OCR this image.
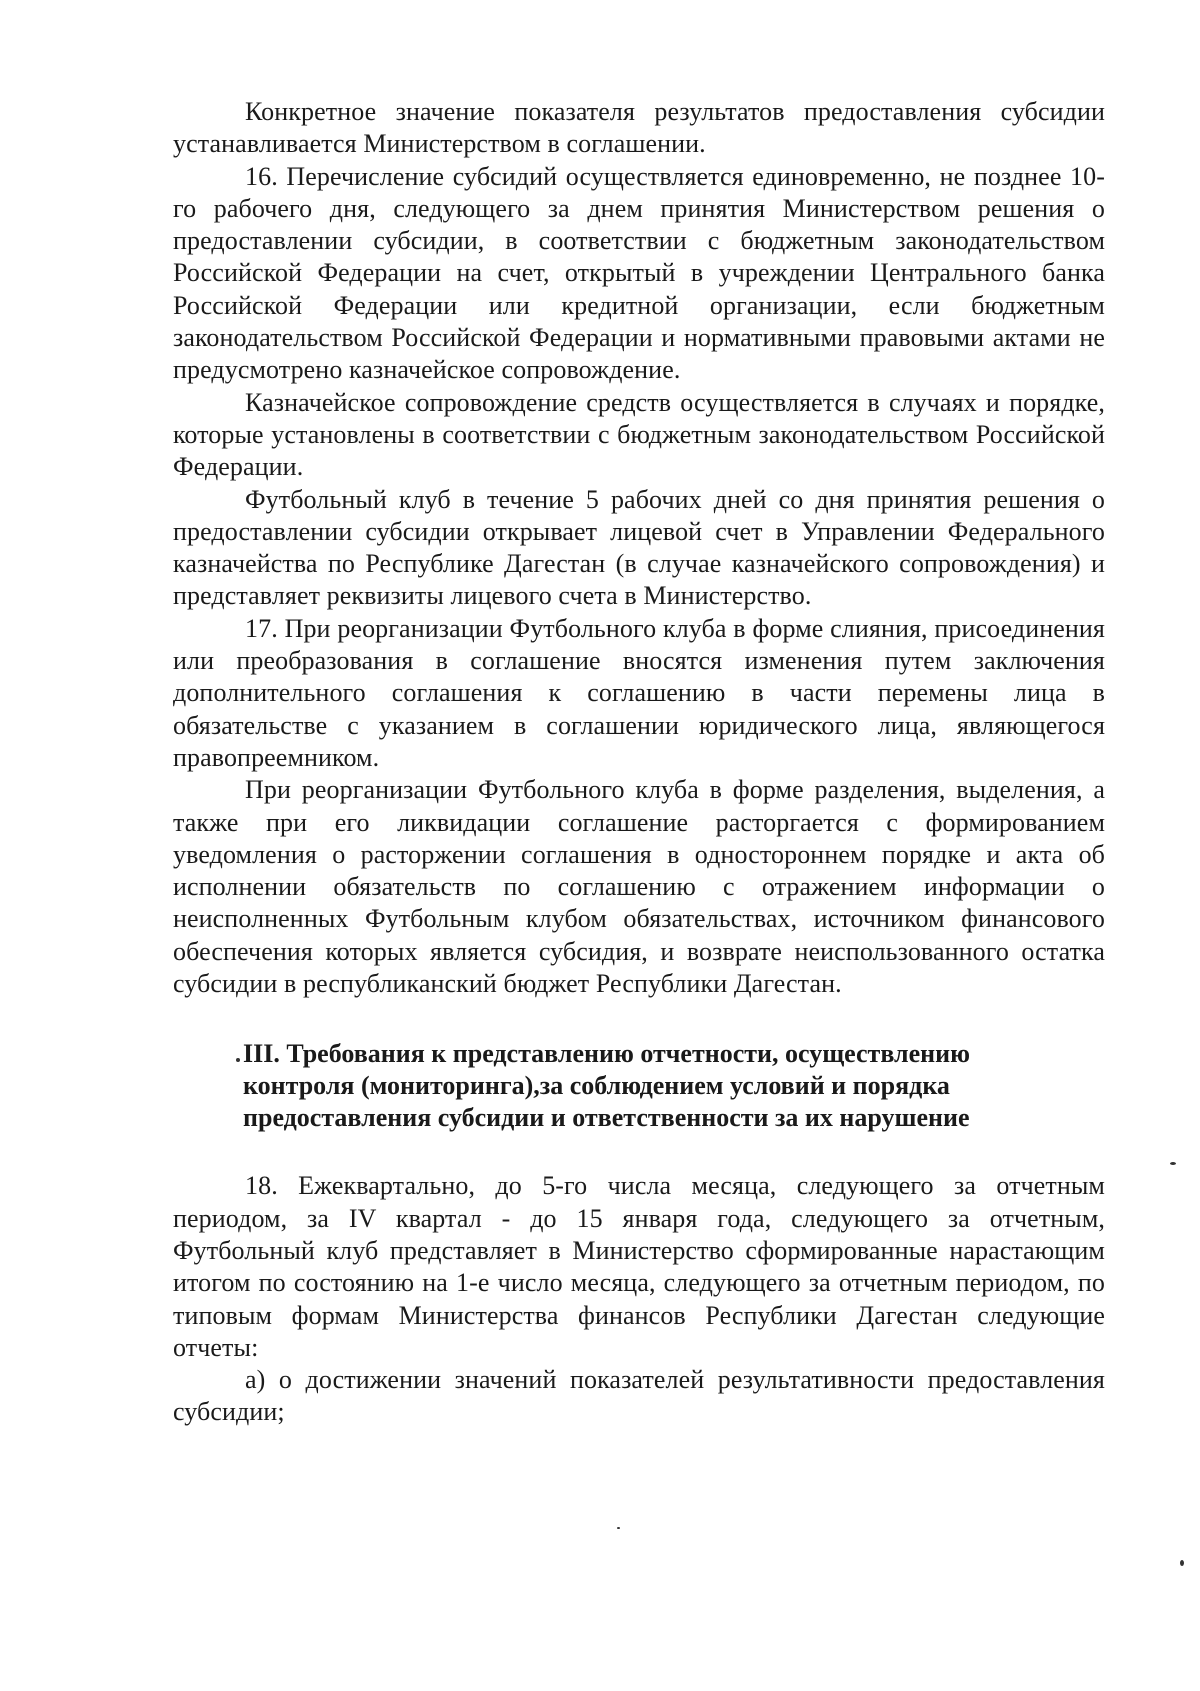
Конкретное значение показателя результатов предоставления субсидии устанавливается Министерством в соглашении.

16. Перечисление субсидий осуществляется единовременно, не позднее 10-го рабочего дня, следующего за днем принятия Министерством решения о предоставлении субсидии, в соответствии с бюджетным законодательством Российской Федерации на счет, открытый в учреждении Центрального банка Российской Федерации или кредитной организации, если бюджетным законодательством Российской Федерации и нормативными правовыми актами не предусмотрено казначейское сопровождение.

Казначейское сопровождение средств осуществляется в случаях и порядке, которые установлены в соответствии с бюджетным законодательством Российской Федерации.

Футбольный клуб в течение 5 рабочих дней со дня принятия решения о предоставлении субсидии открывает лицевой счет в Управлении Федерального казначейства по Республике Дагестан (в случае казначейского сопровождения) и представляет реквизиты лицевого счета в Министерство.

17. При реорганизации Футбольного клуба в форме слияния, присоединения или преобразования в соглашение вносятся изменения путем заключения дополнительного соглашения к соглашению в части перемены лица в обязательстве с указанием в соглашении юридического лица, являющегося правопреемником.

При реорганизации Футбольного клуба в форме разделения, выделения, а также при его ликвидации соглашение расторгается с формированием уведомления о расторжении соглашения в одностороннем порядке и акта об исполнении обязательств по соглашению с отражением информации о неисполненных Футбольным клубом обязательствах, источником финансового обеспечения которых является субсидия, и возврате неиспользованного остатка субсидии в республиканский бюджет Республики Дагестан.

III. Требования к представлению отчетности, осуществлению контроля (мониторинга),за соблюдением условий и порядка предоставления субсидии и ответственности за их нарушение

18. Ежеквартально, до 5-го числа месяца, следующего за отчетным периодом, за IV квартал - до 15 января года, следующего за отчетным, Футбольный клуб представляет в Министерство сформированные нарастающим итогом по состоянию на 1-е число месяца, следующего за отчетным периодом, по типовым формам Министерства финансов Республики Дагестан следующие отчеты:

а) о достижении значений показателей результативности предоставления субсидии;
